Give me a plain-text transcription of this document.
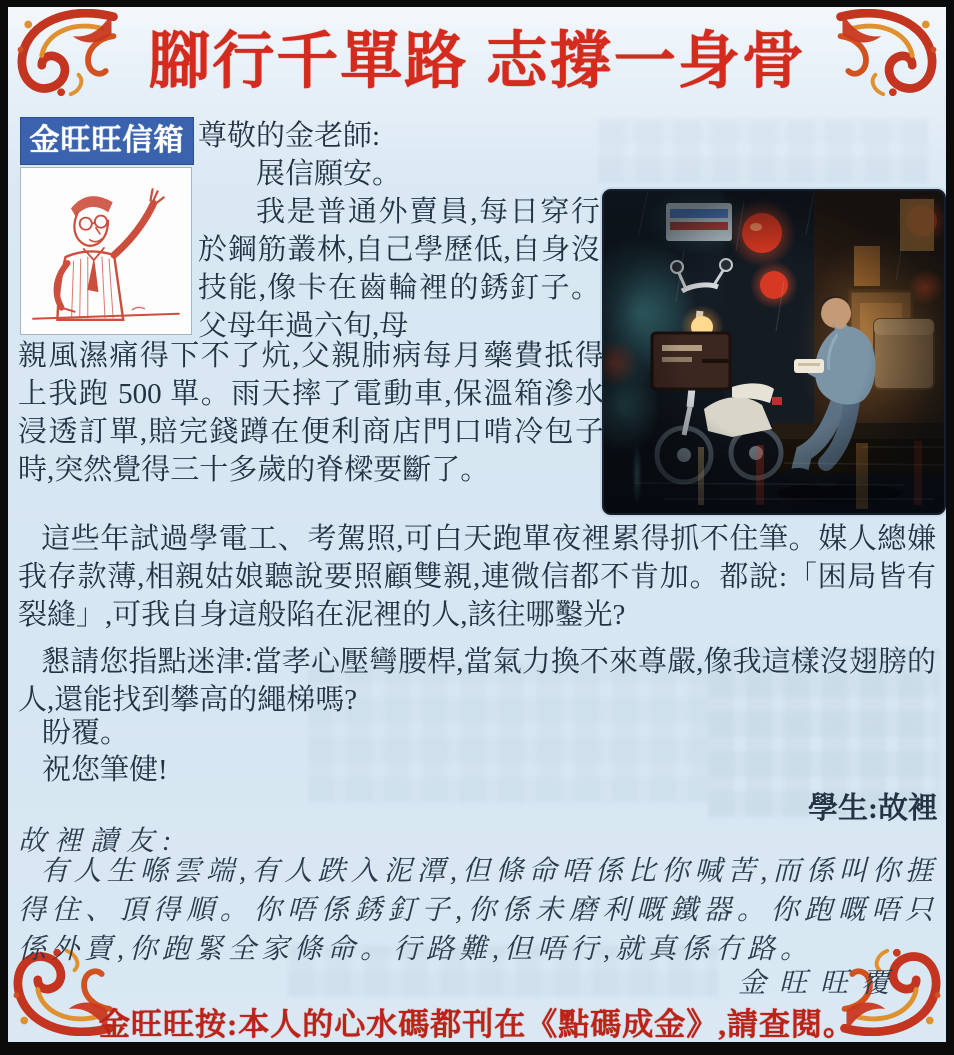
腳行千單路 志撐一身骨
金旺旺信箱 尊敬的金老師:

展信願安。

我是普通外賣員,每日穿行於鋼筋叢林,自己學歷低,自身沒技能,像卡在齒輪裡的銹釘子。父母年過六旬,母

親風濕痛得下不了炕,父親肺病每月藥費抵得上我跑 500 單。雨天摔了電動車,保溫箱滲水浸透訂單,賠完錢蹲在便利商店門口啃冷包子時,突然覺得三十多歲的脊樑要斷了。

這些年試過學電工、考駕照,可白天跑單夜裡累得抓不住筆。媒人總嫌我存款薄,相親姑娘聽說要照顧雙親,連微信都不肯加。都說:「困局皆有裂縫」,可我自身這般陷在泥裡的人,該往哪鑿光?

懇請您指點迷津:當孝心壓彎腰桿,當氣力換不來尊嚴,像我這樣沒翅膀的人,還能找到攀高的繩梯嗎?

盼覆。
祝您筆健!
學生:故裡
故裡讀友:

有人生喺雲端,有人跌入泥潭,但條命唔係比你喊苦,而係叫你捱得住、頂得順。你唔係銹釘子,你係未磨利嘅鐵器。你跑嘅唔只係外賣,你跑緊全家條命。行路難,但唔行,就真係冇路。

金旺旺覆
金旺旺按:本人的心水碼都刊在《點碼成金》,請查閱。
